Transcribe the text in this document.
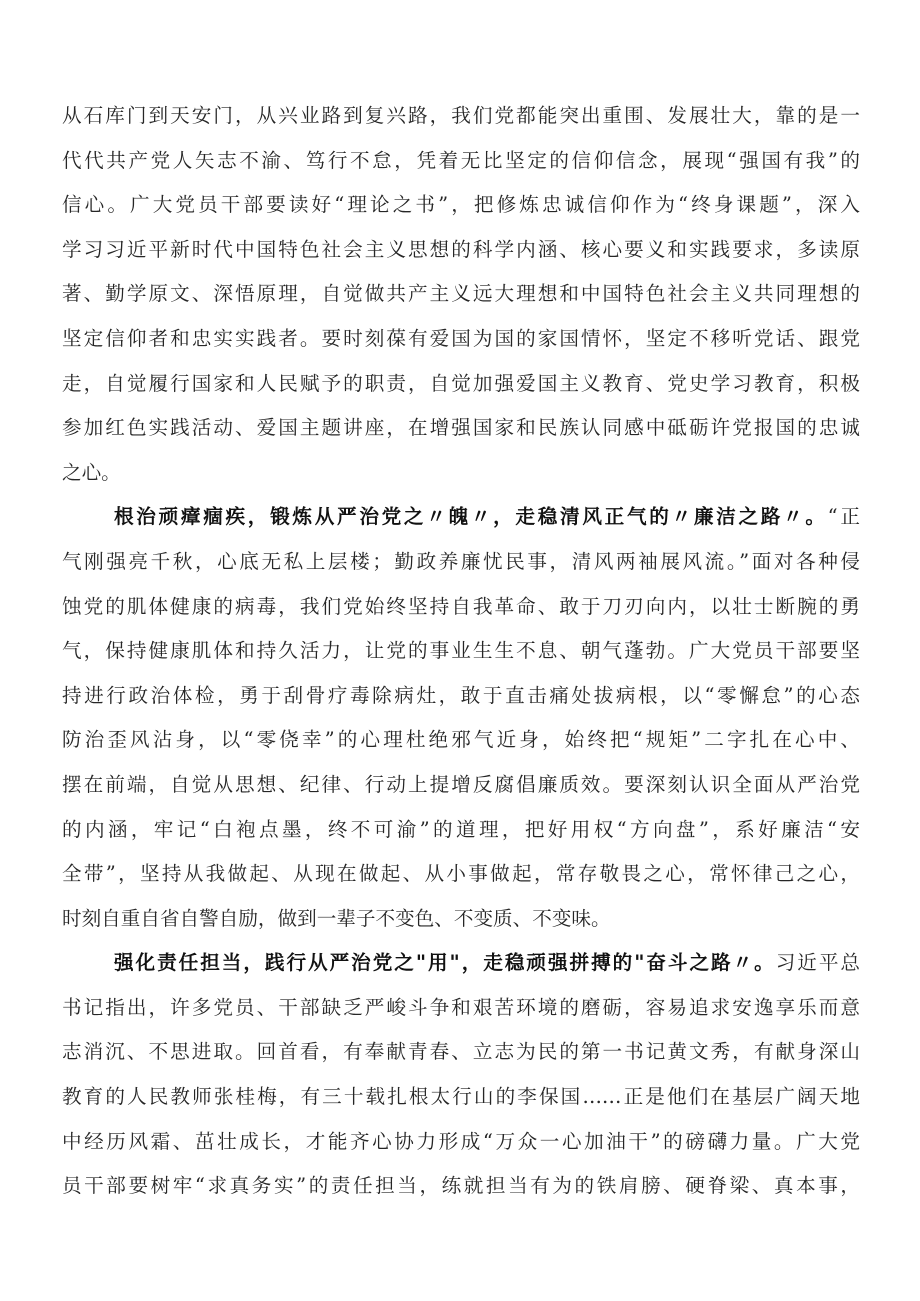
从石库门到天安门，从兴业路到复兴路，我们党都能突出重围、发展壮大，靠的是一
代代共产党人矢志不渝、笃行不怠，凭着无比坚定的信仰信念，展现“强国有我”的
信心。广大党员干部要读好“理论之书”，把修炼忠诚信仰作为“终身课题”，深入
学习习近平新时代中国特色社会主义思想的科学内涵、核心要义和实践要求，多读原
著、勤学原文、深悟原理，自觉做共产主义远大理想和中国特色社会主义共同理想的
坚定信仰者和忠实实践者。要时刻葆有爱国为国的家国情怀，坚定不移听党话、跟党
走，自觉履行国家和人民赋予的职责，自觉加强爱国主义教育、党史学习教育，积极
参加红色实践活动、爱国主题讲座，在增强国家和民族认同感中砥砺许党报国的忠诚
之心。
根治顽瘴痼疾，锻炼从严治党之〃魄〃，走稳清风正气的〃廉洁之路〃。“正
气刚强亮千秋，心底无私上层楼；勤政养廉忧民事，清风两袖展风流。”面对各种侵
蚀党的肌体健康的病毒，我们党始终坚持自我革命、敢于刀刃向内，以壮士断腕的勇
气，保持健康肌体和持久活力，让党的事业生生不息、朝气蓬勃。广大党员干部要坚
持进行政治体检，勇于刮骨疗毒除病灶，敢于直击痛处拔病根，以“零懈怠”的心态
防治歪风沾身，以“零侥幸”的心理杜绝邪气近身，始终把“规矩”二字扎在心中、
摆在前端，自觉从思想、纪律、行动上提增反腐倡廉质效。要深刻认识全面从严治党
的内涵，牢记“白袍点墨，终不可渝”的道理，把好用权“方向盘”，系好廉洁“安
全带”，坚持从我做起、从现在做起、从小事做起，常存敬畏之心，常怀律己之心，
时刻自重自省自警自励，做到一辈子不变色、不变质、不变味。
强化责任担当，践行从严治党之"用"，走稳顽强拼搏的"奋斗之路〃。习近平总
书记指出，许多党员、干部缺乏严峻斗争和艰苦环境的磨砺，容易追求安逸享乐而意
志消沉、不思进取。回首看，有奉献青春、立志为民的第一书记黄文秀，有献身深山
教育的人民教师张桂梅，有三十载扎根太行山的李保国……正是他们在基层广阔天地
中经历风霜、茁壮成长，才能齐心协力形成“万众一心加油干”的磅礴力量。广大党
员干部要树牢“求真务实”的责任担当，练就担当有为的铁肩膀、硬脊梁、真本事，
